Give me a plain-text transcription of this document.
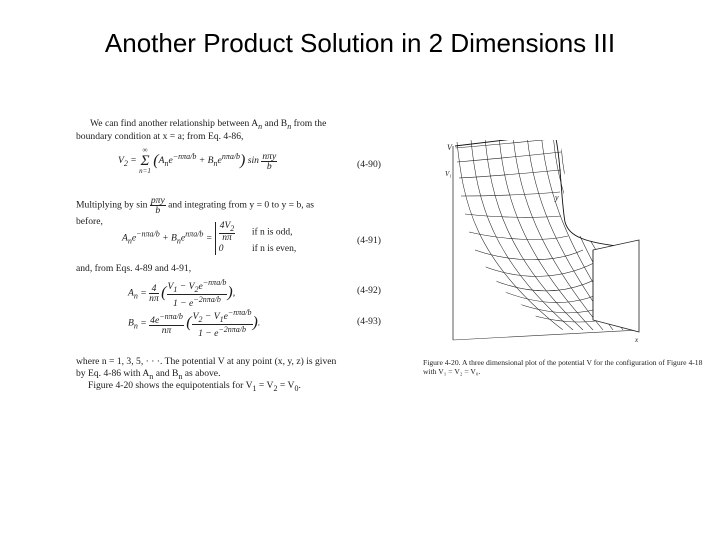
Another Product Solution in 2 Dimensions III
We can find another relationship between $A_n$ and $B_n$ from the
boundary condition at x = a; from Eq. 4-86,
$V_2$ = ∞
Σ
n=1 $(A_ne^{-n\pi a/b} + B_ne^{n\pi a/b})$ $\sin \frac{\text{nπy}}{b}$	(4-90)
Multiplying by $\sin \frac{\text{pπy}}{b}$ and integrating from y = 0 to y = b, as
before,
$A_ne^{-n\pi a/b} + B_ne^{n\pi a/b} = \frac{4V_2}{n\pi}$ if n is odd,
0            if n is even,
(4-91)
and, from Eqs. 4-89 and 4-91,
$A_n = \frac{4}{n\pi}$ ( $\frac{V_1 - V_2e^{-n\pi a/b}}{1 - e^{-2n\pi a/b}}$ ),	(4-92)
$B_n = \frac{4e^{-n\pi a/b}}{n\pi}$ ( $\frac{V_2 - V_1e^{-n\pi a/b}}{1 - e^{-2n\pi a/b}}$ ).	(4-93)
where n = 1, 3, 5, · · ·. The potential V at any point (x, y, z) is given
by Eq. 4-86 with $A_n$ and $B_n$ as above.
Figure 4-20 shows the equipotentials for $V_1 = V_2 = V_0$.
V
V₁
y
x
Figure 4-20. A three dimensional plot of the potential V for the configuration of Figure 4-18 with V₁ = V₂ = V₀.
